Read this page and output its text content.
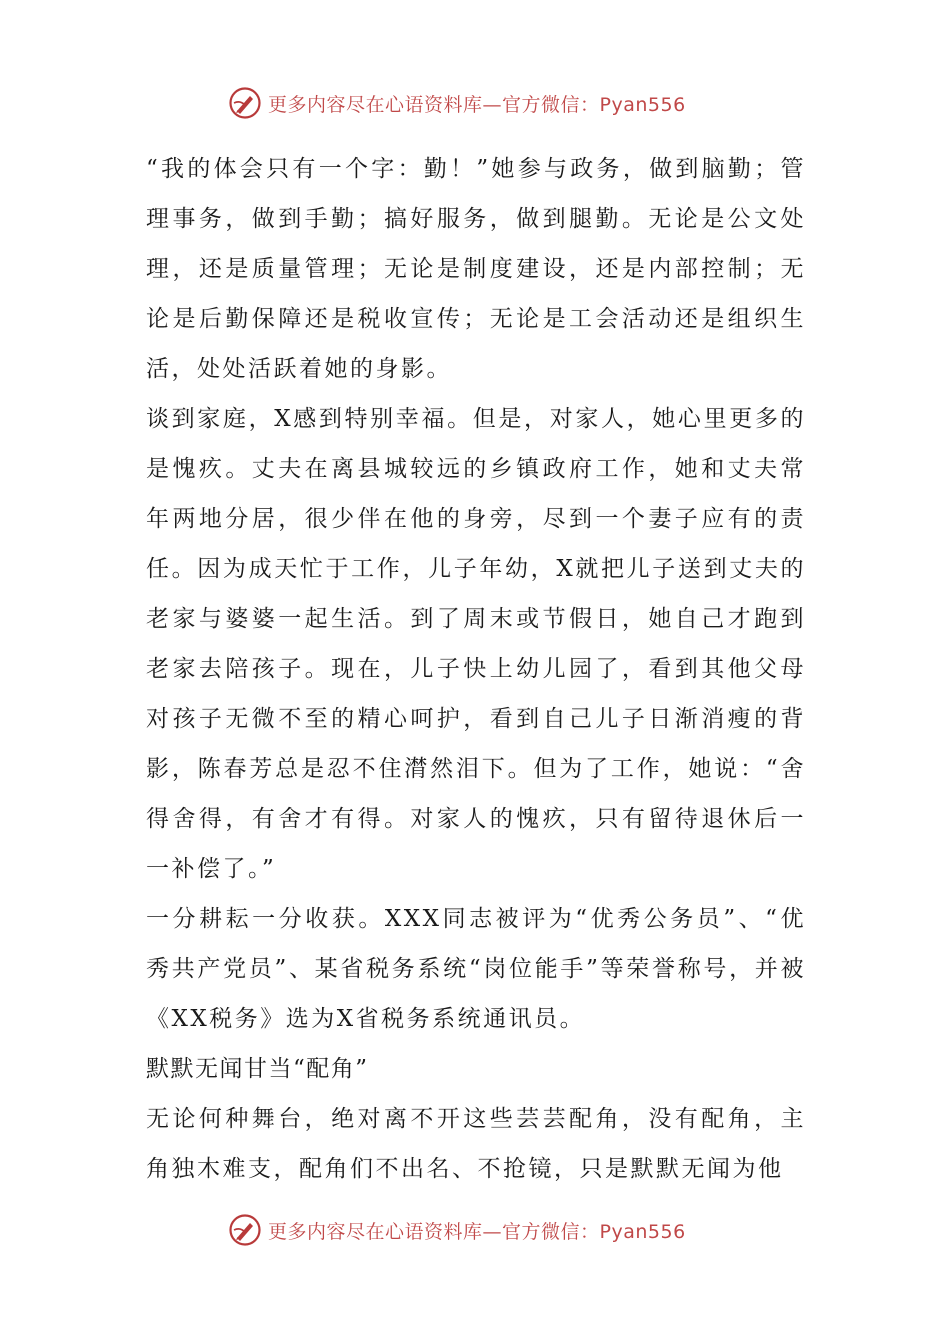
更多内容尽在心语资料库—官方微信：Pyan556

“我的体会只有一个字：勤！”她参与政务，做到脑勤；管理事务，做到手勤；搞好服务，做到腿勤。无论是公文处理，还是质量管理；无论是制度建设，还是内部控制；无论是后勤保障还是税收宣传；无论是工会活动还是组织生活，处处活跃着她的身影。

谈到家庭，X感到特别幸福。但是，对家人，她心里更多的是愧疚。丈夫在离县城较远的乡镇政府工作，她和丈夫常年两地分居，很少伴在他的身旁，尽到一个妻子应有的责任。因为成天忙于工作，儿子年幼，X就把儿子送到丈夫的老家与婆婆一起生活。到了周末或节假日，她自己才跑到老家去陪孩子。现在，儿子快上幼儿园了，看到其他父母对孩子无微不至的精心呵护，看到自己儿子日渐消瘦的背影，陈春芳总是忍不住潸然泪下。但为了工作，她说：“舍得舍得，有舍才有得。对家人的愧疚，只有留待退休后一一补偿了。”

一分耕耘一分收获。XXX同志被评为“优秀公务员”、“优秀共产党员”、某省税务系统“岗位能手”等荣誉称号，并被《XX税务》选为X省税务系统通讯员。

默默无闻甘当“配角”

无论何种舞台，绝对离不开这些芸芸配角，没有配角，主角独木难支，配角们不出名、不抢镜，只是默默无闻为他

更多内容尽在心语资料库—官方微信：Pyan556
